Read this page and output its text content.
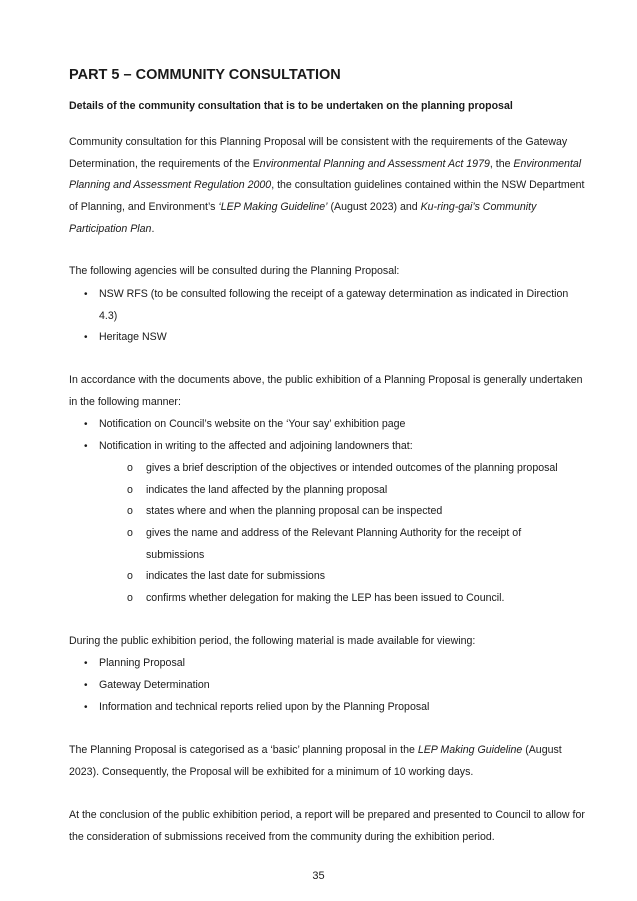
PART 5 – COMMUNITY CONSULTATION
Details of the community consultation that is to be undertaken on the planning proposal
Community consultation for this Planning Proposal will be consistent with the requirements of the Gateway Determination, the requirements of the Environmental Planning and Assessment Act 1979, the Environmental Planning and Assessment Regulation 2000, the consultation guidelines contained within the NSW Department of Planning, and Environment’s ‘LEP Making Guideline’ (August 2023) and Ku-ring-gai’s Community Participation Plan.
The following agencies will be consulted during the Planning Proposal:
• NSW RFS (to be consulted following the receipt of a gateway determination as indicated in Direction 4.3)
• Heritage NSW
In accordance with the documents above, the public exhibition of a Planning Proposal is generally undertaken in the following manner:
• Notification on Council’s website on the ‘Your say’ exhibition page
• Notification in writing to the affected and adjoining landowners that:
o gives a brief description of the objectives or intended outcomes of the planning proposal
o indicates the land affected by the planning proposal
o states where and when the planning proposal can be inspected
o gives the name and address of the Relevant Planning Authority for the receipt of submissions
o indicates the last date for submissions
o confirms whether delegation for making the LEP has been issued to Council.
During the public exhibition period, the following material is made available for viewing:
• Planning Proposal
• Gateway Determination
• Information and technical reports relied upon by the Planning Proposal
The Planning Proposal is categorised as a ‘basic’ planning proposal in the LEP Making Guideline (August 2023). Consequently, the Proposal will be exhibited for a minimum of 10 working days.
At the conclusion of the public exhibition period, a report will be prepared and presented to Council to allow for the consideration of submissions received from the community during the exhibition period.
35
